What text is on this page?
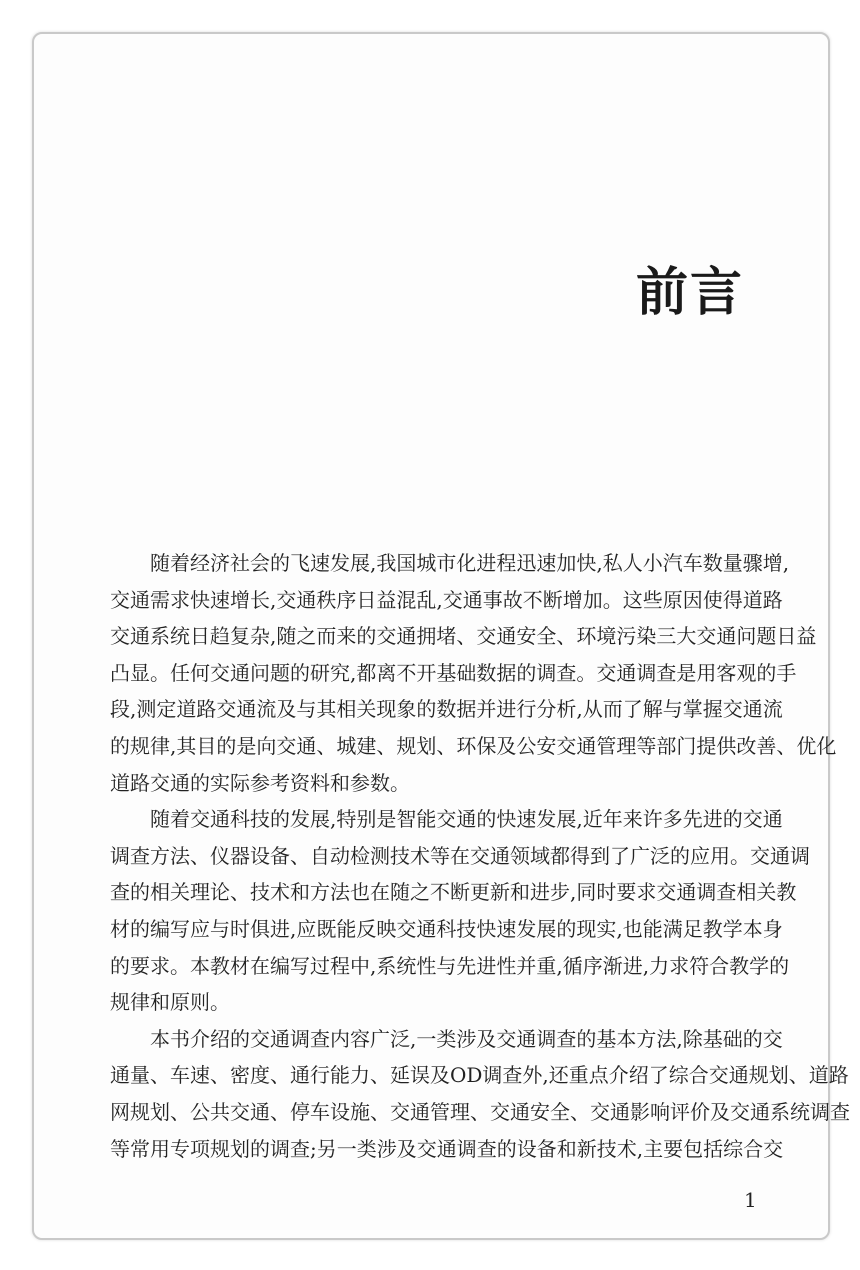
前言
随着经济社会的飞速发展,我国城市化进程迅速加快,私人小汽车数量骤增,
交通需求快速增长,交通秩序日益混乱,交通事故不断增加。这些原因使得道路
交通系统日趋复杂,随之而来的交通拥堵、交通安全、环境污染三大交通问题日益
凸显。任何交通问题的研究,都离不开基础数据的调查。交通调查是用客观的手
段,测定道路交通流及与其相关现象的数据并进行分析,从而了解与掌握交通流
的规律,其目的是向交通、城建、规划、环保及公安交通管理等部门提供改善、优化
道路交通的实际参考资料和参数。
随着交通科技的发展,特别是智能交通的快速发展,近年来许多先进的交通
调查方法、仪器设备、自动检测技术等在交通领域都得到了广泛的应用。交通调
查的相关理论、技术和方法也在随之不断更新和进步,同时要求交通调查相关教
材的编写应与时俱进,应既能反映交通科技快速发展的现实,也能满足教学本身
的要求。本教材在编写过程中,系统性与先进性并重,循序渐进,力求符合教学的
规律和原则。
本书介绍的交通调查内容广泛,一类涉及交通调查的基本方法,除基础的交
通量、车速、密度、通行能力、延误及OD调查外,还重点介绍了综合交通规划、道路
网规划、公共交通、停车设施、交通管理、交通安全、交通影响评价及交通系统调查
等常用专项规划的调查;另一类涉及交通调查的设备和新技术,主要包括综合交
1
